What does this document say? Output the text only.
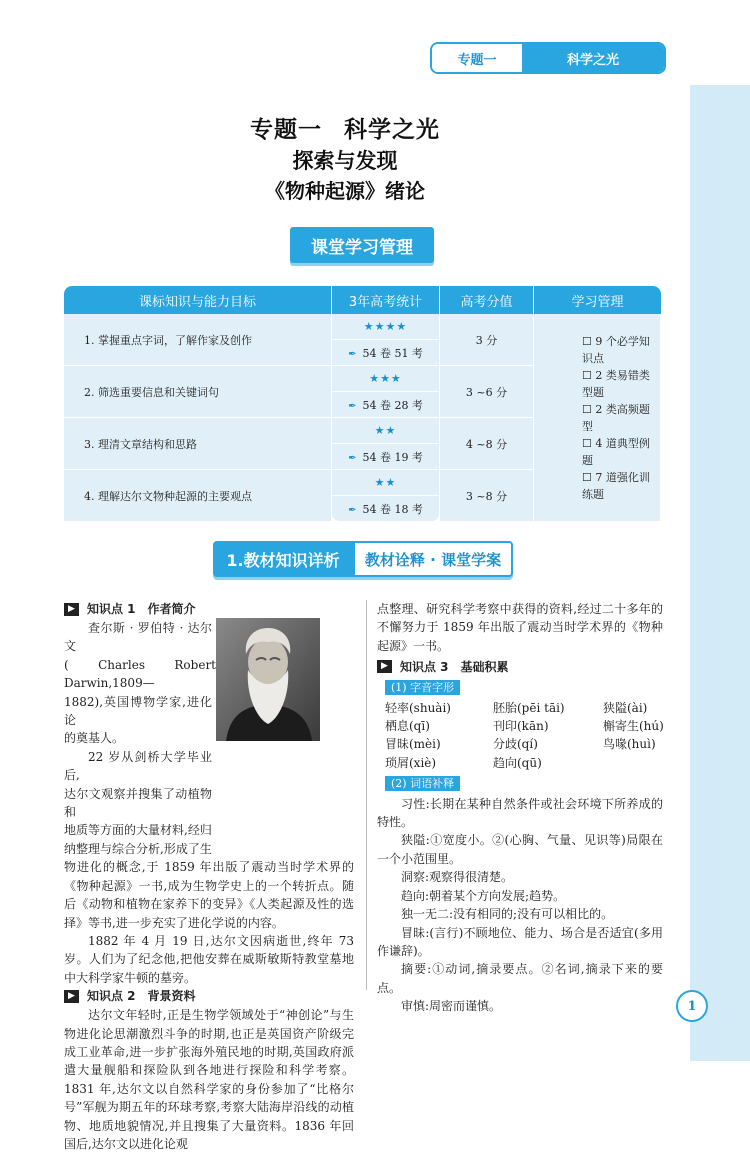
专题一	科学之光
专题一 科学之光
探索与发现
《物种起源》绪论
课堂学习管理
课标知识与能力目标	3年高考统计	高考分值	学习管理
1. 掌握重点字词，了解作家及创作	★★★★	3 分	☐ 9 个必学知识点
☐ 2 类易错类型题
☐ 2 类高频题型
☐ 4 道典型例题
☐ 7 道强化训练题

	✒ 54 卷 51 考		
2. 筛选重要信息和关键词句	★★★	3 ~6 分	
	✒ 54 卷 28 考		
3. 理清文章结构和思路	★★	4 ~8 分	
	✒ 54 卷 19 考		
4. 理解达尔文物种起源的主要观点	★★	3 ~8 分	
	✒ 54 卷 18 考		
1.教材知识详析	教材诠释 · 课堂学案
▶	知识点 1　作者简介

查尔斯 · 罗伯特 · 达尔文

( Charles Robert Darwin,1809—

1882),英国博物学家,进化论

的奠基人。

22 岁从剑桥大学毕业后,

达尔文观察并搜集了动植物和

地质等方面的大量材料,经归

纳整理与综合分析,形成了生

物进化的概念,于 1859 年出版了震动当时学术界的《物种起源》一书,成为生物学史上的一个转折点。随后《动物和植物在家养下的变异》《人类起源及性的选择》等书,进一步充实了进化学说的内容。

1882 年 4 月 19 日,达尔文因病逝世,终年 73 岁。人们为了纪念他,把他安葬在威斯敏斯特教堂墓地中大科学家牛顿的墓旁。

▶	知识点 2　背景资料

达尔文年轻时,正是生物学领域处于“神创论”与生物进化论思潮激烈斗争的时期,也正是英国资产阶级完成工业革命,进一步扩张海外殖民地的时期,英国政府派遣大量舰船和探险队到各地进行探险和科学考察。1831 年,达尔文以自然科学家的身份参加了“比格尔号”军舰为期五年的环球考察,考察大陆海岸沿线的动植物、地质地貌情况,并且搜集了大量资料。1836 年回国后,达尔文以进化论观

点整理、研究科学考察中获得的资料,经过二十多年的不懈努力于 1859 年出版了震动当时学术界的《物种起源》一书。

▶	知识点 3　基础积累
(1) 字音字形
轻率(shuài)	胚胎(pēi tāi)	狭隘(ài)
栖息(qī)	刊印(kān)	槲寄生(hú)
冒昧(mèi)	分歧(qí)	鸟喙(huì)
琐屑(xiè)	趋向(qū)
(2) 词语补释

习性:长期在某种自然条件或社会环境下所养成的特性。

狭隘:①宽度小。②(心胸、气量、见识等)局限在一个小范围里。

洞察:观察得很清楚。

趋向:朝着某个方向发展;趋势。

独一无二:没有相同的;没有可以相比的。

冒昧:(言行)不顾地位、能力、场合是否适宜(多用作谦辞)。

摘要:①动词,摘录要点。②名词,摘录下来的要点。

审慎:周密而谨慎。	1
